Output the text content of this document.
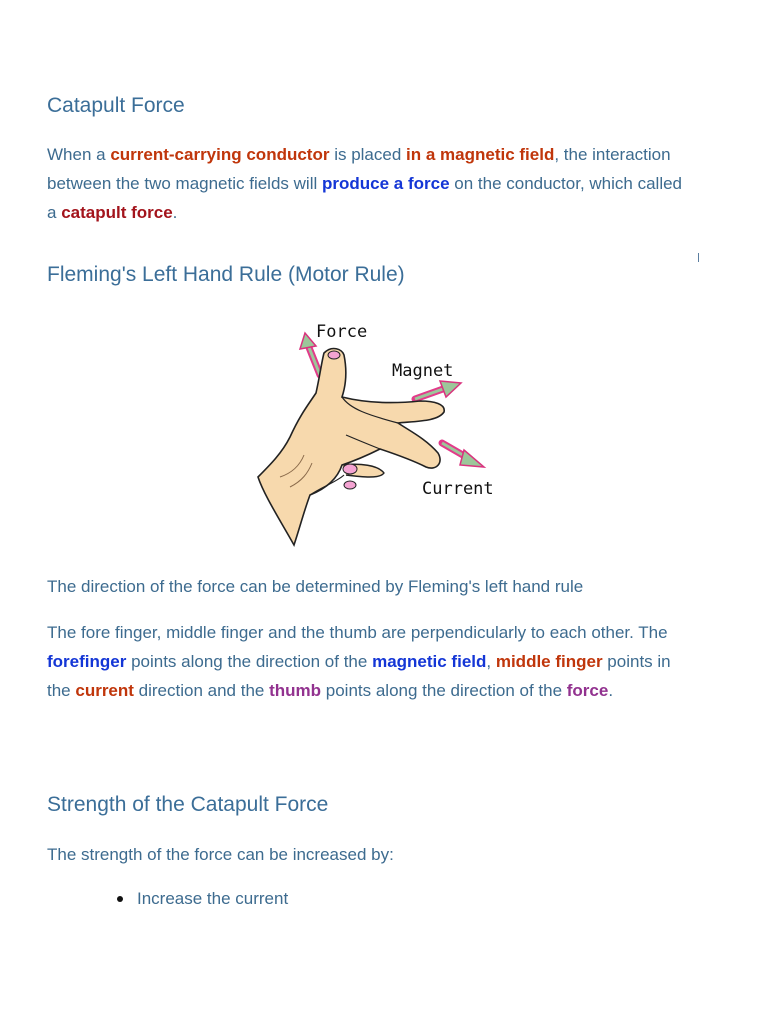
Catapult Force

When a current-carrying conductor is placed in a magnetic field, the interaction between the two magnetic fields will produce a force on the conductor, which called a catapult force.

Fleming's Left Hand Rule (Motor Rule)

The direction of the force can be determined by Fleming's left hand rule

The fore finger, middle finger and the thumb are perpendicularly to each other. The forefinger points along the direction of the magnetic field, middle finger points in the current direction and the thumb points along the direction of the force.

Strength of the Catapult Force

The strength of the force can be increased by:

Increase the current
Force
Magnet
Current
